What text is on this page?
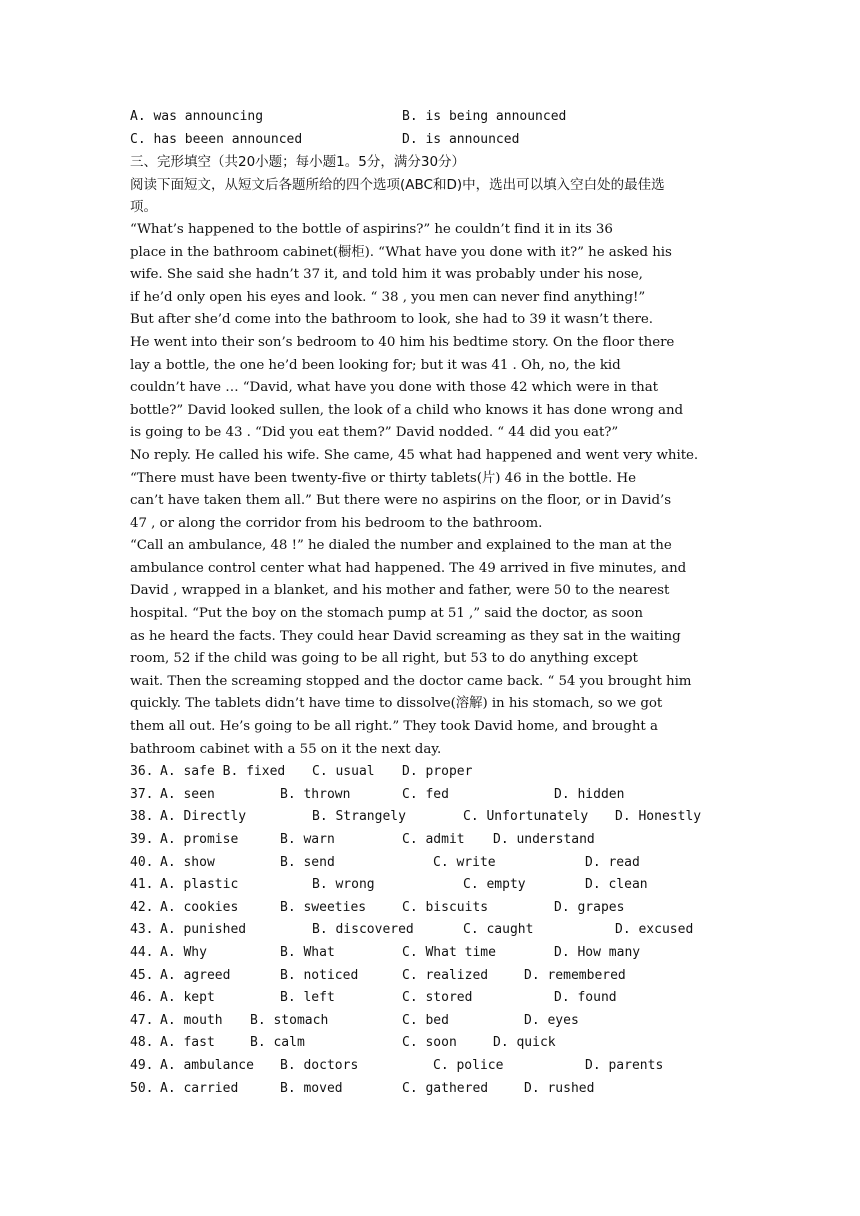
A. was announcing	B. is being announced
C. has beeen announced	D. is announced
三、完形填空（共20小题；每小题1。5分，满分30分）
阅读下面短文，从短文后各题所给的四个选项(ABC和D)中，选出可以填入空白处的最佳选
项。

“What’s happened to the bottle of aspirins?” he couldn’t find it in its 36

place in the bathroom cabinet(橱柜). “What have you done with it?” he asked his

wife. She said she hadn’t 37 it, and told him it was probably under his nose,

if he’d only open his eyes and look. “ 38 , you men can never find anything!”

But after she’d come into the bathroom to look, she had to 39 it wasn’t there.

He went into their son’s bedroom to 40 him his bedtime story. On the floor there

lay a bottle, the one he’d been looking for; but it was 41 . Oh, no, the kid

couldn’t have … “David, what have you done with those 42 which were in that

bottle?” David looked sullen, the look of a child who knows it has done wrong and

is going to be 43 . “Did you eat them?” David nodded. “ 44 did you eat?”

No reply. He called his wife. She came, 45 what had happened and went very white.

“There must have been twenty-five or thirty tablets(片) 46 in the bottle. He

can’t have taken them all.” But there were no aspirins on the floor, or in David’s

47 , or along the corridor from his bedroom to the bathroom.

“Call an ambulance, 48 !” he dialed the number and explained to the man at the

ambulance control center what had happened. The 49 arrived in five minutes, and

David , wrapped in a blanket, and his mother and father, were 50 to the nearest

hospital. “Put the boy on the stomach pump at 51 ,” said the doctor, as soon

as he heard the facts. They could hear David screaming as they sat in the waiting

room, 52 if the child was going to be all right, but 53 to do anything except

wait. Then the screaming stopped and the doctor came back. “ 54 you brought him

quickly. The tablets didn’t have time to dissolve(溶解) in his stomach, so we got

them all out. He’s going to be all right.” They took David home, and brought a

bathroom cabinet with a 55 on it the next day.

36. A. safe B. fixed C. usual D. proper
37. A. seen	B. thrown	C. fed	D. hidden
38. A. Directly	B. Strangely	C. Unfortunately D. Honestly
39. A. promise	B. warn	C. admit D. understand
40. A. show	B. send	C. write	D. read
41. A. plastic	B. wrong	C. empty	D. clean
42. A. cookies	B. sweeties	C. biscuits	D. grapes
43. A. punished	B. discovered	C. caught	D. excused
44. A. Why	B. What	C. What time	D. How many
45. A. agreed	B. noticed	C. realized	D. remembered
46. A. kept	B. left	C. stored	D. found
47. A. mouth B. stomach	C. bed	D. eyes
48. A. fast	B. calm	C. soon	D. quick
49. A. ambulance B. doctors	C. police	D. parents
50. A. carried	B. moved	C. gathered	D. rushed
